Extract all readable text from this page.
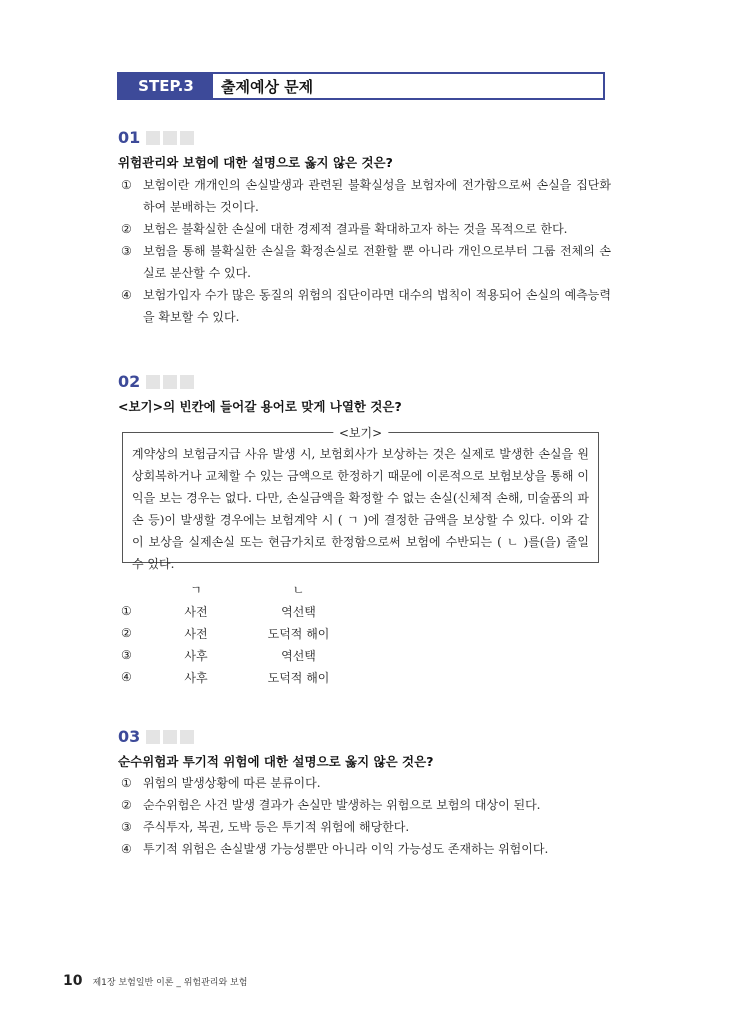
STEP.3	출제예상 문제
01
위험관리와 보험에 대한 설명으로 옳지 않은 것은?
① 보험이란 개개인의 손실발생과 관련된 불확실성을 보험자에 전가함으로써 손실을 집단화하여 분배하는 것이다.
② 보험은 불확실한 손실에 대한 경제적 결과를 확대하고자 하는 것을 목적으로 한다.
③ 보험을 통해 불확실한 손실을 확정손실로 전환할 뿐 아니라 개인으로부터 그룹 전체의 손실로 분산할 수 있다.
④ 보험가입자 수가 많은 동질의 위험의 집단이라면 대수의 법칙이 적용되어 손실의 예측능력을 확보할 수 있다.
02
<보기>의 빈칸에 들어갈 용어로 맞게 나열한 것은?
<보기>
계약상의 보험금지급 사유 발생 시, 보험회사가 보상하는 것은 실제로 발생한 손실을 원상회복하거나 교체할 수 있는 금액으로 한정하기 때문에 이론적으로 보험보상을 통해 이익을 보는 경우는 없다. 다만, 손실금액을 확정할 수 없는 손실(신체적 손해, 미술품의 파손 등)이 발생할 경우에는 보험계약 시 ( ㄱ )에 결정한 금액을 보상할 수 있다. 이와 같이 보상을 실제손실 또는 현금가치로 한정함으로써 보험에 수반되는 ( ㄴ )를(을) 줄일 수 있다.
ㄱ	ㄴ
①	사전	역선택
②	사전	도덕적 해이
③	사후	역선택
④	사후	도덕적 해이
03
순수위험과 투기적 위험에 대한 설명으로 옳지 않은 것은?
① 위험의 발생상황에 따른 분류이다.
② 순수위험은 사건 발생 결과가 손실만 발생하는 위험으로 보험의 대상이 된다.
③ 주식투자, 복권, 도박 등은 투기적 위험에 해당한다.
④ 투기적 위험은 손실발생 가능성뿐만 아니라 이익 가능성도 존재하는 위험이다.
10 제1장 보험일반 이론 _ 위험관리와 보험
